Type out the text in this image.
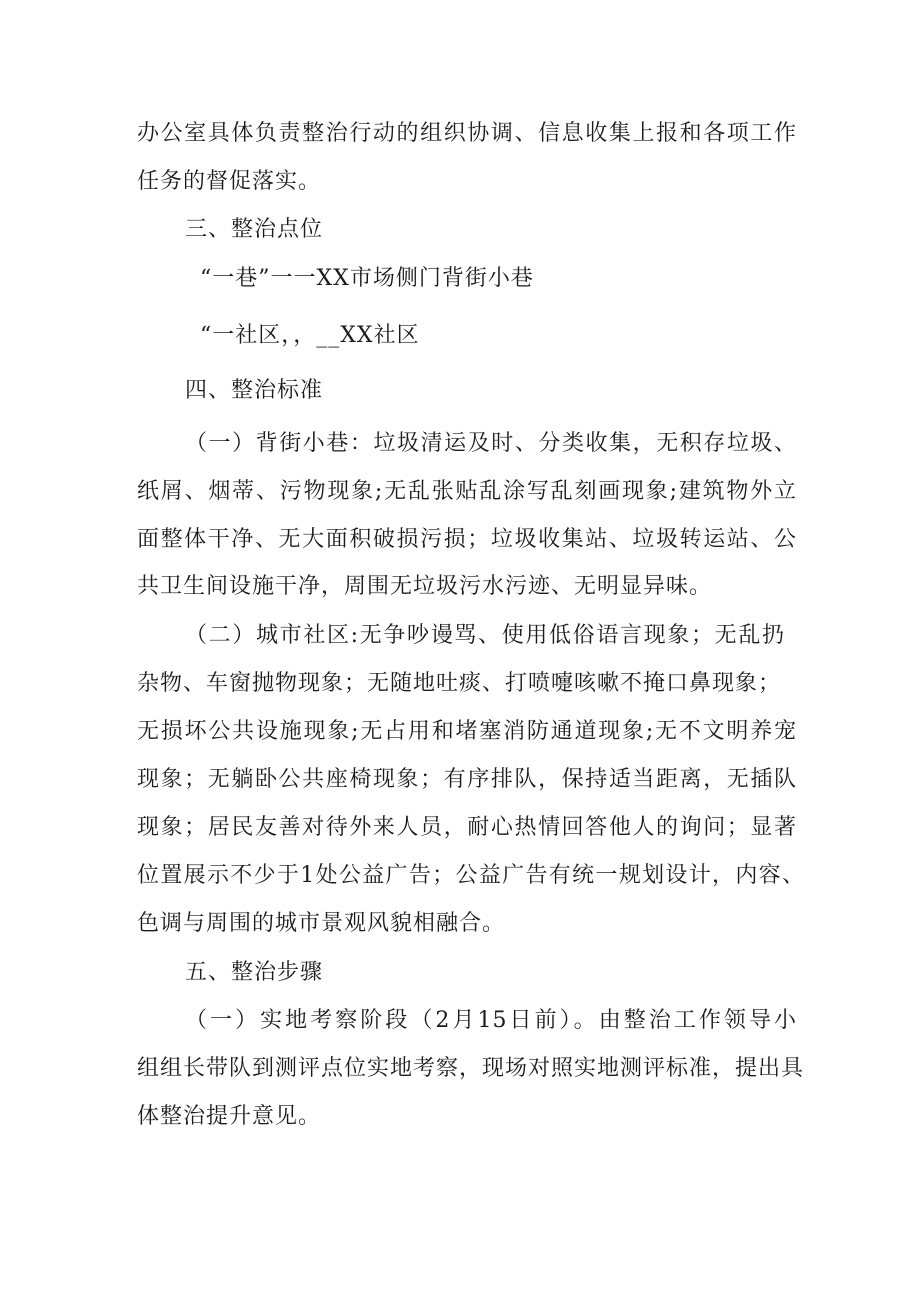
办公室具体负责整治行动的组织协调、信息收集上报和各项工作
任务的督促落实。
三、整治点位
“一巷”一一XX市场侧门背街小巷
“一社区，，__XX社区
四、整治标准
（一）背街小巷：垃圾清运及时、分类收集，无积存垃圾、
纸屑、烟蒂、污物现象;无乱张贴乱涂写乱刻画现象;建筑物外立
面整体干净、无大面积破损污损；垃圾收集站、垃圾转运站、公
共卫生间设施干净，周围无垃圾污水污迹、无明显异味。
（二）城市社区:无争吵谩骂、使用低俗语言现象；无乱扔
杂物、车窗抛物现象；无随地吐痰、打喷嚏咳嗽不掩口鼻现象；
无损坏公共设施现象;无占用和堵塞消防通道现象;无不文明养宠
现象；无躺卧公共座椅现象；有序排队，保持适当距离，无插队
现象；居民友善对待外来人员，耐心热情回答他人的询问；显著
位置展示不少于1处公益广告；公益广告有统一规划设计，内容、
色调与周围的城市景观风貌相融合。
五、整治步骤
（一）实地考察阶段（2月15日前）。由整治工作领导小
组组长带队到测评点位实地考察，现场对照实地测评标准，提出具
体整治提升意见。
